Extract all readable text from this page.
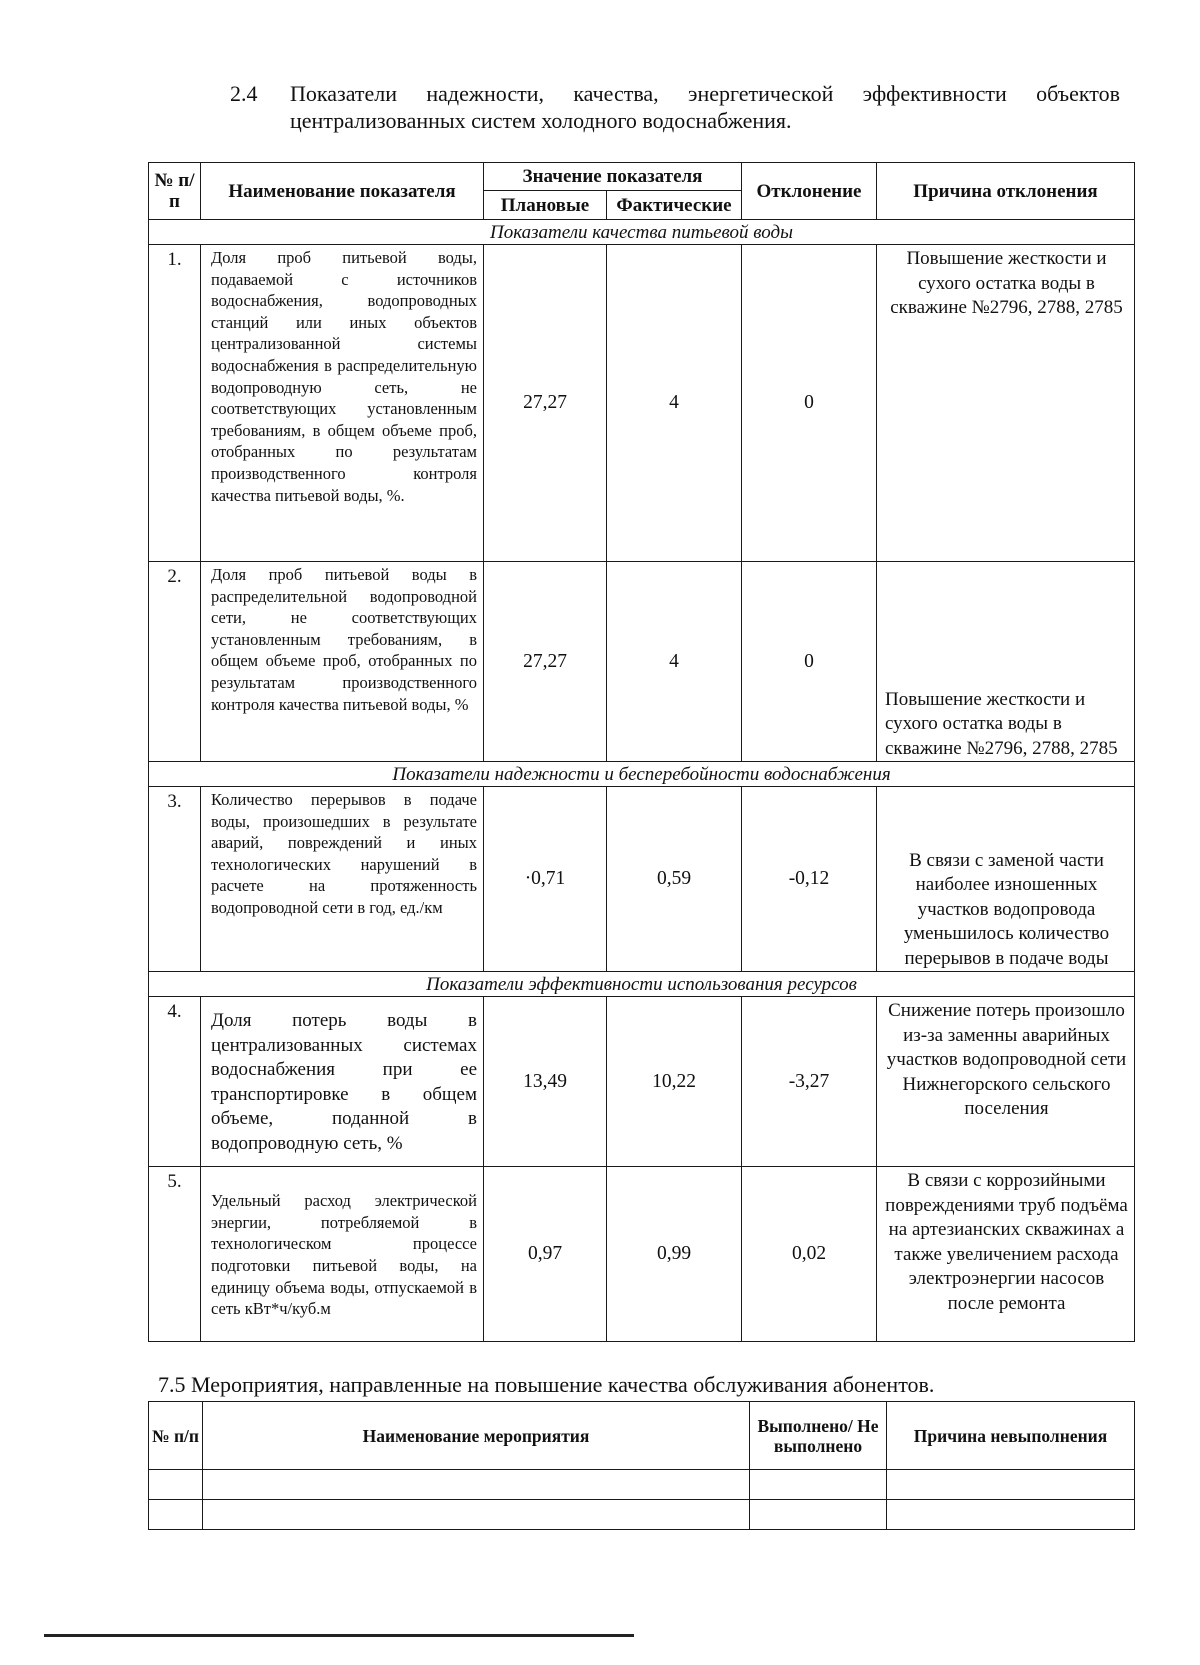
2.4 Показатели надежности, качества, энергетической эффективности объектов
централизованных систем холодного водоснабжения.
№ п/п	Наименование показателя	Значение показателя		Отклонение	Причина отклонения
		Плановые	Фактические		
Показатели качества питьевой воды					
1.	Доля проб питьевой воды, подаваемой с источников водоснабжения, водопроводных станций или иных объектов централизованной системы водоснабжения в распределительную водопроводную сеть, не соответствующих установленным требованиям, в общем объеме проб, отобранных по результатам производственного контроля качества питьевой воды, %.	27,27	4	0	Повышение жесткости и сухого остатка воды в скважине №2796, 2788, 2785
2.	Доля проб питьевой воды в распределительной водопроводной сети, не соответствующих установленным требованиям, в общем объеме проб, отобранных по результатам производственного контроля качества питьевой воды, %	27,27	4	0	Повышение жесткости и сухого остатка воды в скважине №2796, 2788, 2785
Показатели надежности и бесперебойности водоснабжения					
3.	Количество перерывов в подаче воды, произошедших в результате аварий, повреждений и иных технологических нарушений в расчете на протяженность водопроводной сети в год, ед./км	·0,71	0,59	-0,12	В связи с заменой части наиболее изношенных участков водопровода уменьшилось количество перерывов в подаче воды
Показатели эффективности использования ресурсов					
4.	Доля потерь воды в централизованных системах водоснабжения при ее транспортировке в общем объеме, поданной в водопроводную сеть, %	13,49	10,22	-3,27	Снижение потерь произошло из-за заменны аварийных участков водопроводной сети Нижнегорского сельского поселения
5.	Удельный расход электрической энергии, потребляемой в технологическом процессе подготовки питьевой воды, на единицу объема воды, отпускаемой в сеть кВт*ч/куб.м	0,97	0,99	0,02	В связи с коррозийными повреждениями труб подъёма на артезианских скважинах а также увеличением расхода электроэнергии насосов после ремонта
7.5 Мероприятия, направленные на повышение качества обслуживания абонентов.
№ п/п	Наименование мероприятия	Выполнено/ Не выполнено	Причина невыполнения
